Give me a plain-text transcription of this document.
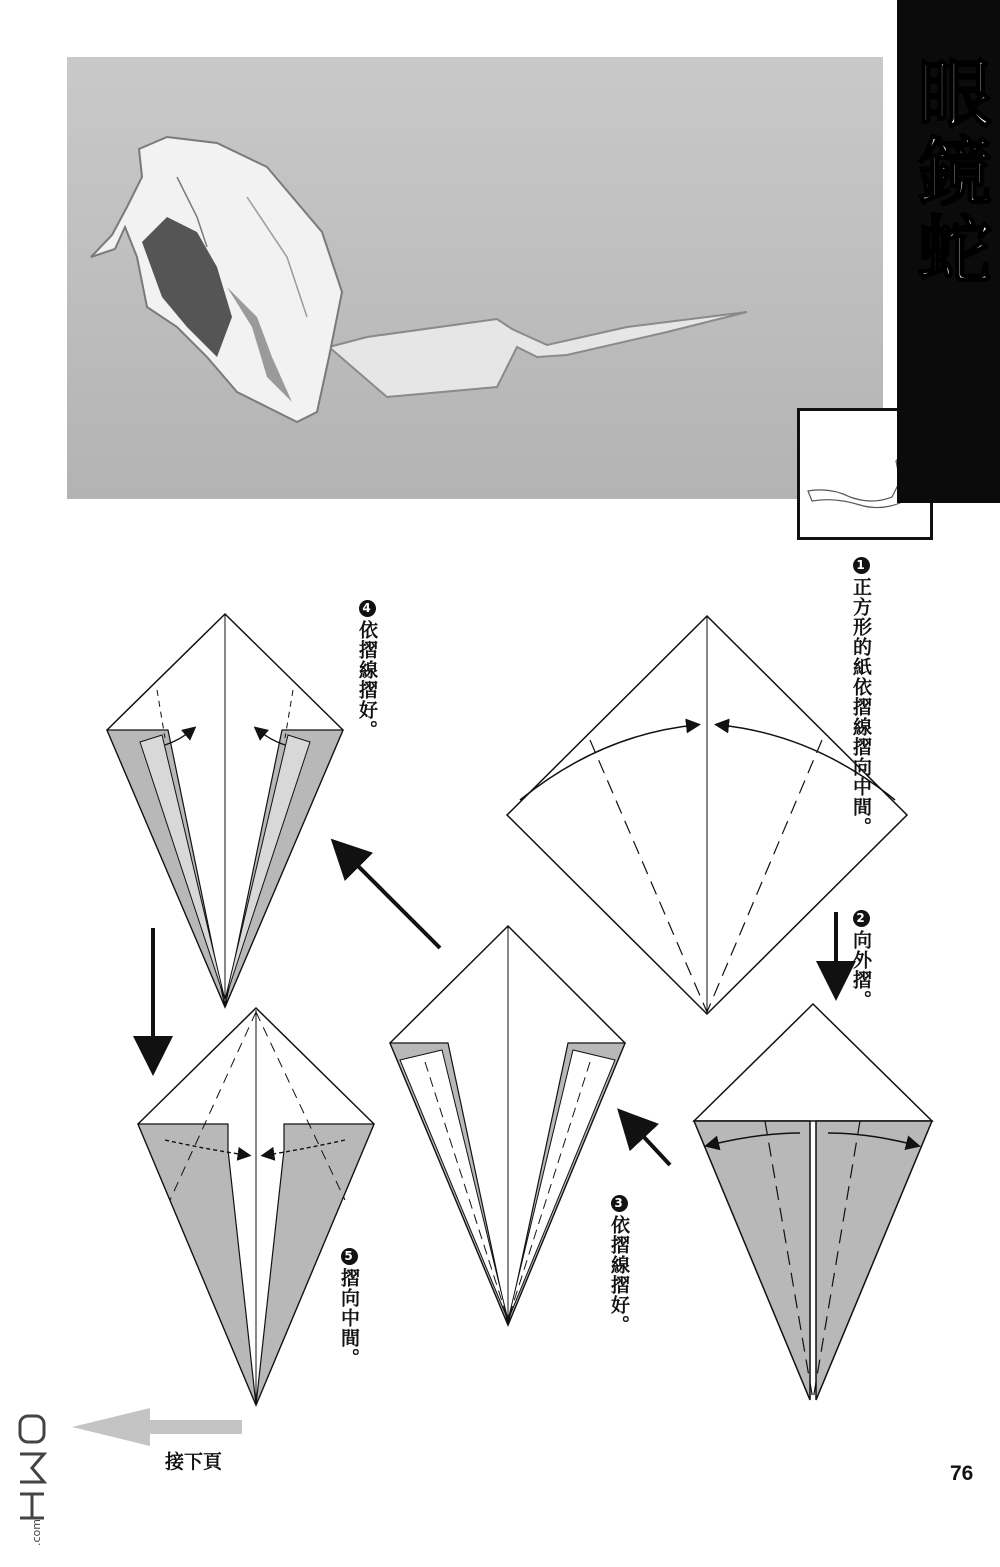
眼鏡蛇
1正方形的紙依摺線摺向中間。
2向外摺。
3依摺線摺好。
4依摺線摺好。
5摺向中間。
接下頁	76
.com
